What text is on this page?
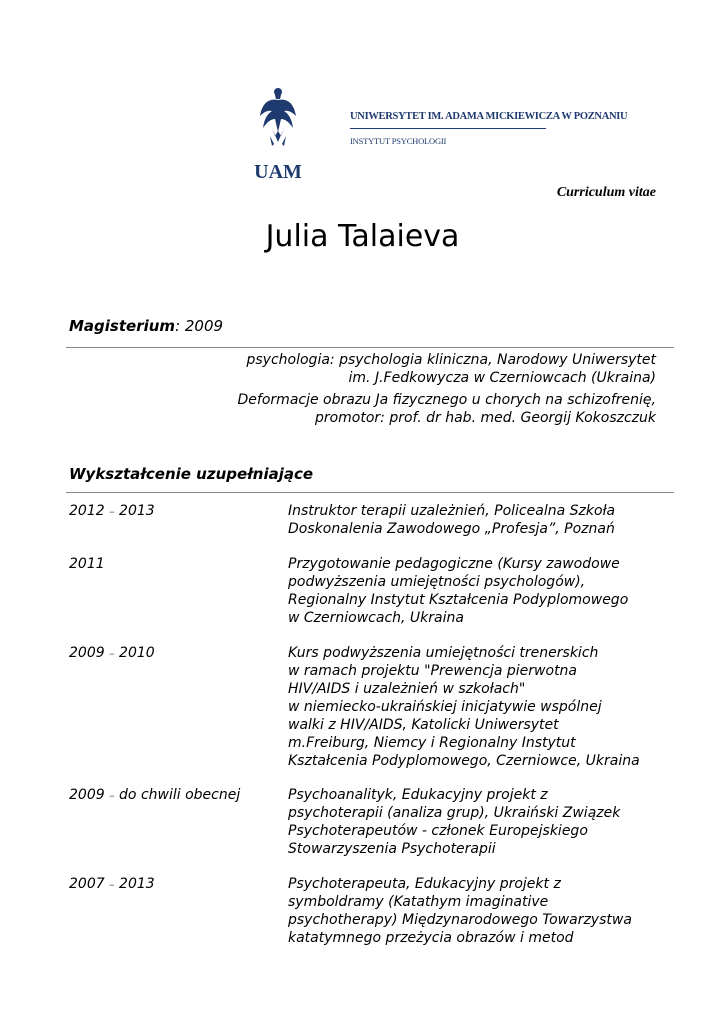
UAM
UNIWERSYTET IM. ADAMA MICKIEWICZA W POZNANIU
INSTYTUT PSYCHOLOGII
Curriculum vitae
Julia Talaieva
Magisterium: 2009
psychologia: psychologia kliniczna, Narodowy Uniwersytet
im. J.Fedkowycza w Czerniowcach (Ukraina)
Deformacje obrazu Ja fizycznego u chorych na schizofrenię,
promotor: prof. dr hab. med. Georgij Kokoszczuk
Wykształcenie uzupełniające
2012 – 2013	Instruktor terapii uzależnień, Policealna Szkoła
Doskonalenia Zawodowego „Profesja”, Poznań
2011	Przygotowanie pedagogiczne (Kursy zawodowe
podwyższenia umiejętności psychologów),
Regionalny Instytut Kształcenia Podyplomowego
w Czerniowcach, Ukraina
2009 – 2010	Kurs podwyższenia umiejętności trenerskich
w ramach projektu "Prewencja pierwotna
HIV/AIDS i uzależnień w szkołach"
w niemiecko-ukraińskiej inicjatywie wspólnej
walki z HIV/AIDS, Katolicki Uniwersytet
m.Freiburg, Niemcy i Regionalny Instytut
Kształcenia Podyplomowego, Czerniowce, Ukraina
2009 – do chwili obecnej	Psychoanalityk, Edukacyjny projekt z
psychoterapii (analiza grup), Ukraiński Związek
Psychoterapeutów - członek Europejskiego
Stowarzyszenia Psychoterapii
2007 – 2013	Psychoterapeuta, Edukacyjny projekt z
symboldramy (Katathym imaginative
psychotherapy) Międzynarodowego Towarzystwa
katatymnego przeżycia obrazów i metod
